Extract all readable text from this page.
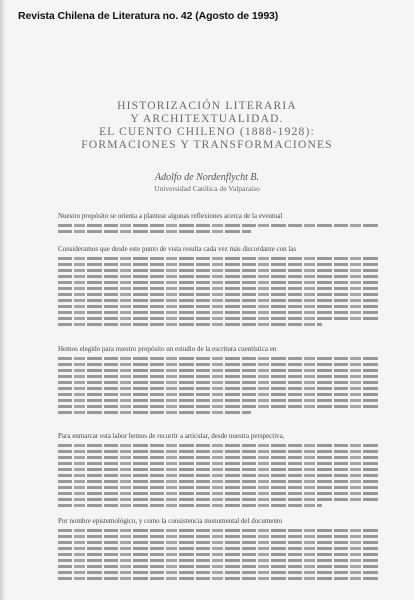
Revista Chilena de Literatura no. 42 (Agosto de 1993)
HISTORIZACIÓN LITERARIA
Y ARCHITEXTUALIDAD.
EL CUENTO CHILENO (1888-1928):
FORMACIONES Y TRANSFORMACIONES
Adolfo de Nordenflycht B.
Universidad Católica de Valparaíso
Nuestro propósito se orienta a plantear algunas reflexiones acerca de la eventual
Consideramos que desde este punto de vista resulta cada vez más discordante con las
Hemos elegido para nuestro propósito un estudio de la escritura cuentística en
Para enmarcar esta labor hemos de recurrir a articular, desde nuestra perspectiva,
Por nombre epistemológico, y como la consistencia monumental del documento
